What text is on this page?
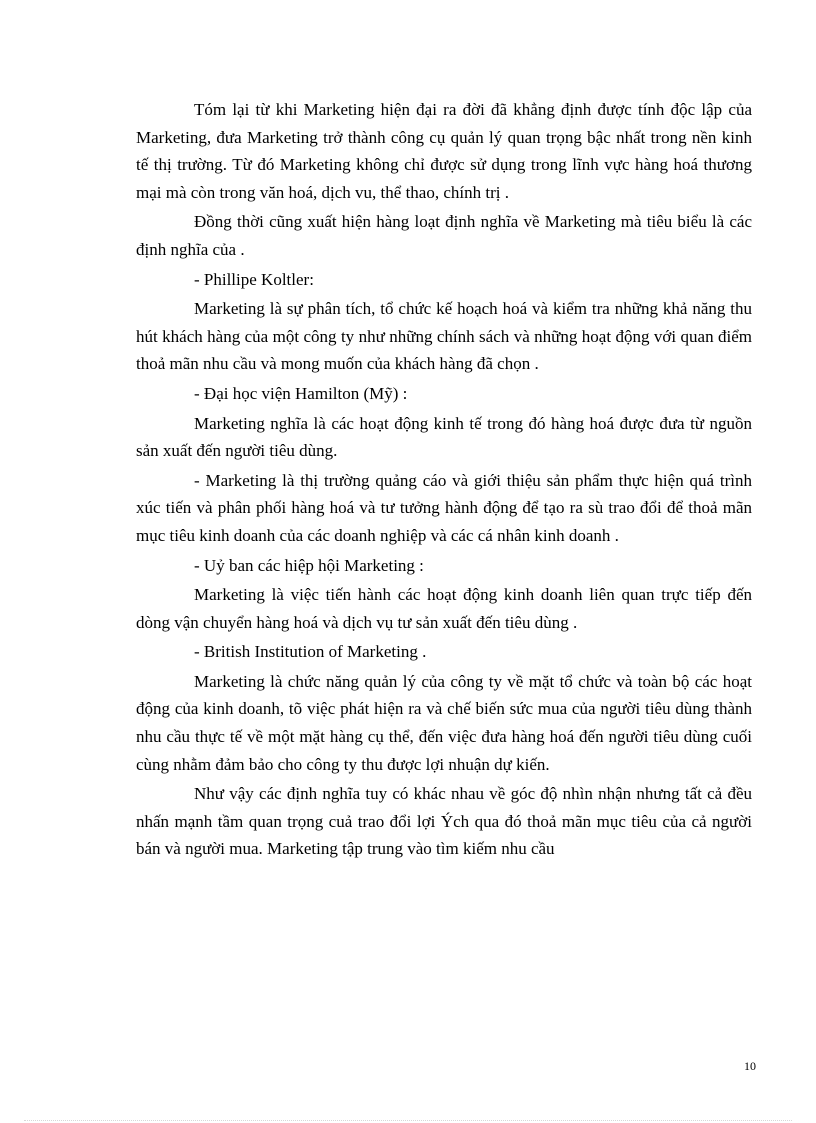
Tóm lại từ khi Marketing hiện đại ra đời đã khẳng định được tính độc lập của Marketing, đưa Marketing trở thành công cụ quản lý quan trọng bậc nhất trong nền kinh tế thị trường. Từ đó Marketing không chỉ được sử dụng trong lĩnh vực hàng hoá thương mại mà còn trong văn hoá, dịch vu, thể thao, chính trị .

Đồng thời cũng xuất hiện hàng loạt định nghĩa về Marketing mà tiêu biểu là các định nghĩa của .

- Phillipe Koltler:

Marketing là sự phân tích, tổ chức kế hoạch hoá và kiểm tra những khả năng thu hút khách hàng của một công ty như những chính sách và những hoạt động với quan điểm thoả mãn nhu cầu và mong muốn của khách hàng đã chọn .

- Đại học viện Hamilton (Mỹ) :

Marketing nghĩa là các hoạt động kinh tế trong đó hàng hoá được đưa từ nguồn sản xuất đến người tiêu dùng.

- Marketing là thị trường quảng cáo và giới thiệu sản phẩm thực hiện quá trình xúc tiến và phân phối hàng hoá và tư tưởng hành động để tạo ra sù trao đổi để thoả mãn mục tiêu kinh doanh của các doanh nghiệp và các cá nhân kinh doanh .

- Uỷ ban các hiệp hội Marketing :

Marketing là việc tiến hành các hoạt động kinh doanh liên quan trực tiếp đến dòng vận chuyển hàng hoá và dịch vụ tư sản xuất đến tiêu dùng .

- British Institution of Marketing .

Marketing là chức năng quản lý của công ty về mặt tổ chức và toàn bộ các hoạt động của kinh doanh, tõ việc phát hiện ra và chế biến sức mua của người tiêu dùng thành nhu cầu thực tế về một mặt hàng cụ thể, đến việc đưa hàng hoá đến người tiêu dùng cuối cùng nhằm đảm bảo cho công ty thu được lợi nhuận dự kiến.

Như vậy các định nghĩa tuy có khác nhau về góc độ nhìn nhận nhưng tất cả đều nhấn mạnh tầm quan trọng cuả trao đổi lợi Ých qua đó thoả mãn mục tiêu của cả người bán và người mua. Marketing tập trung vào tìm kiếm nhu cầu

10
